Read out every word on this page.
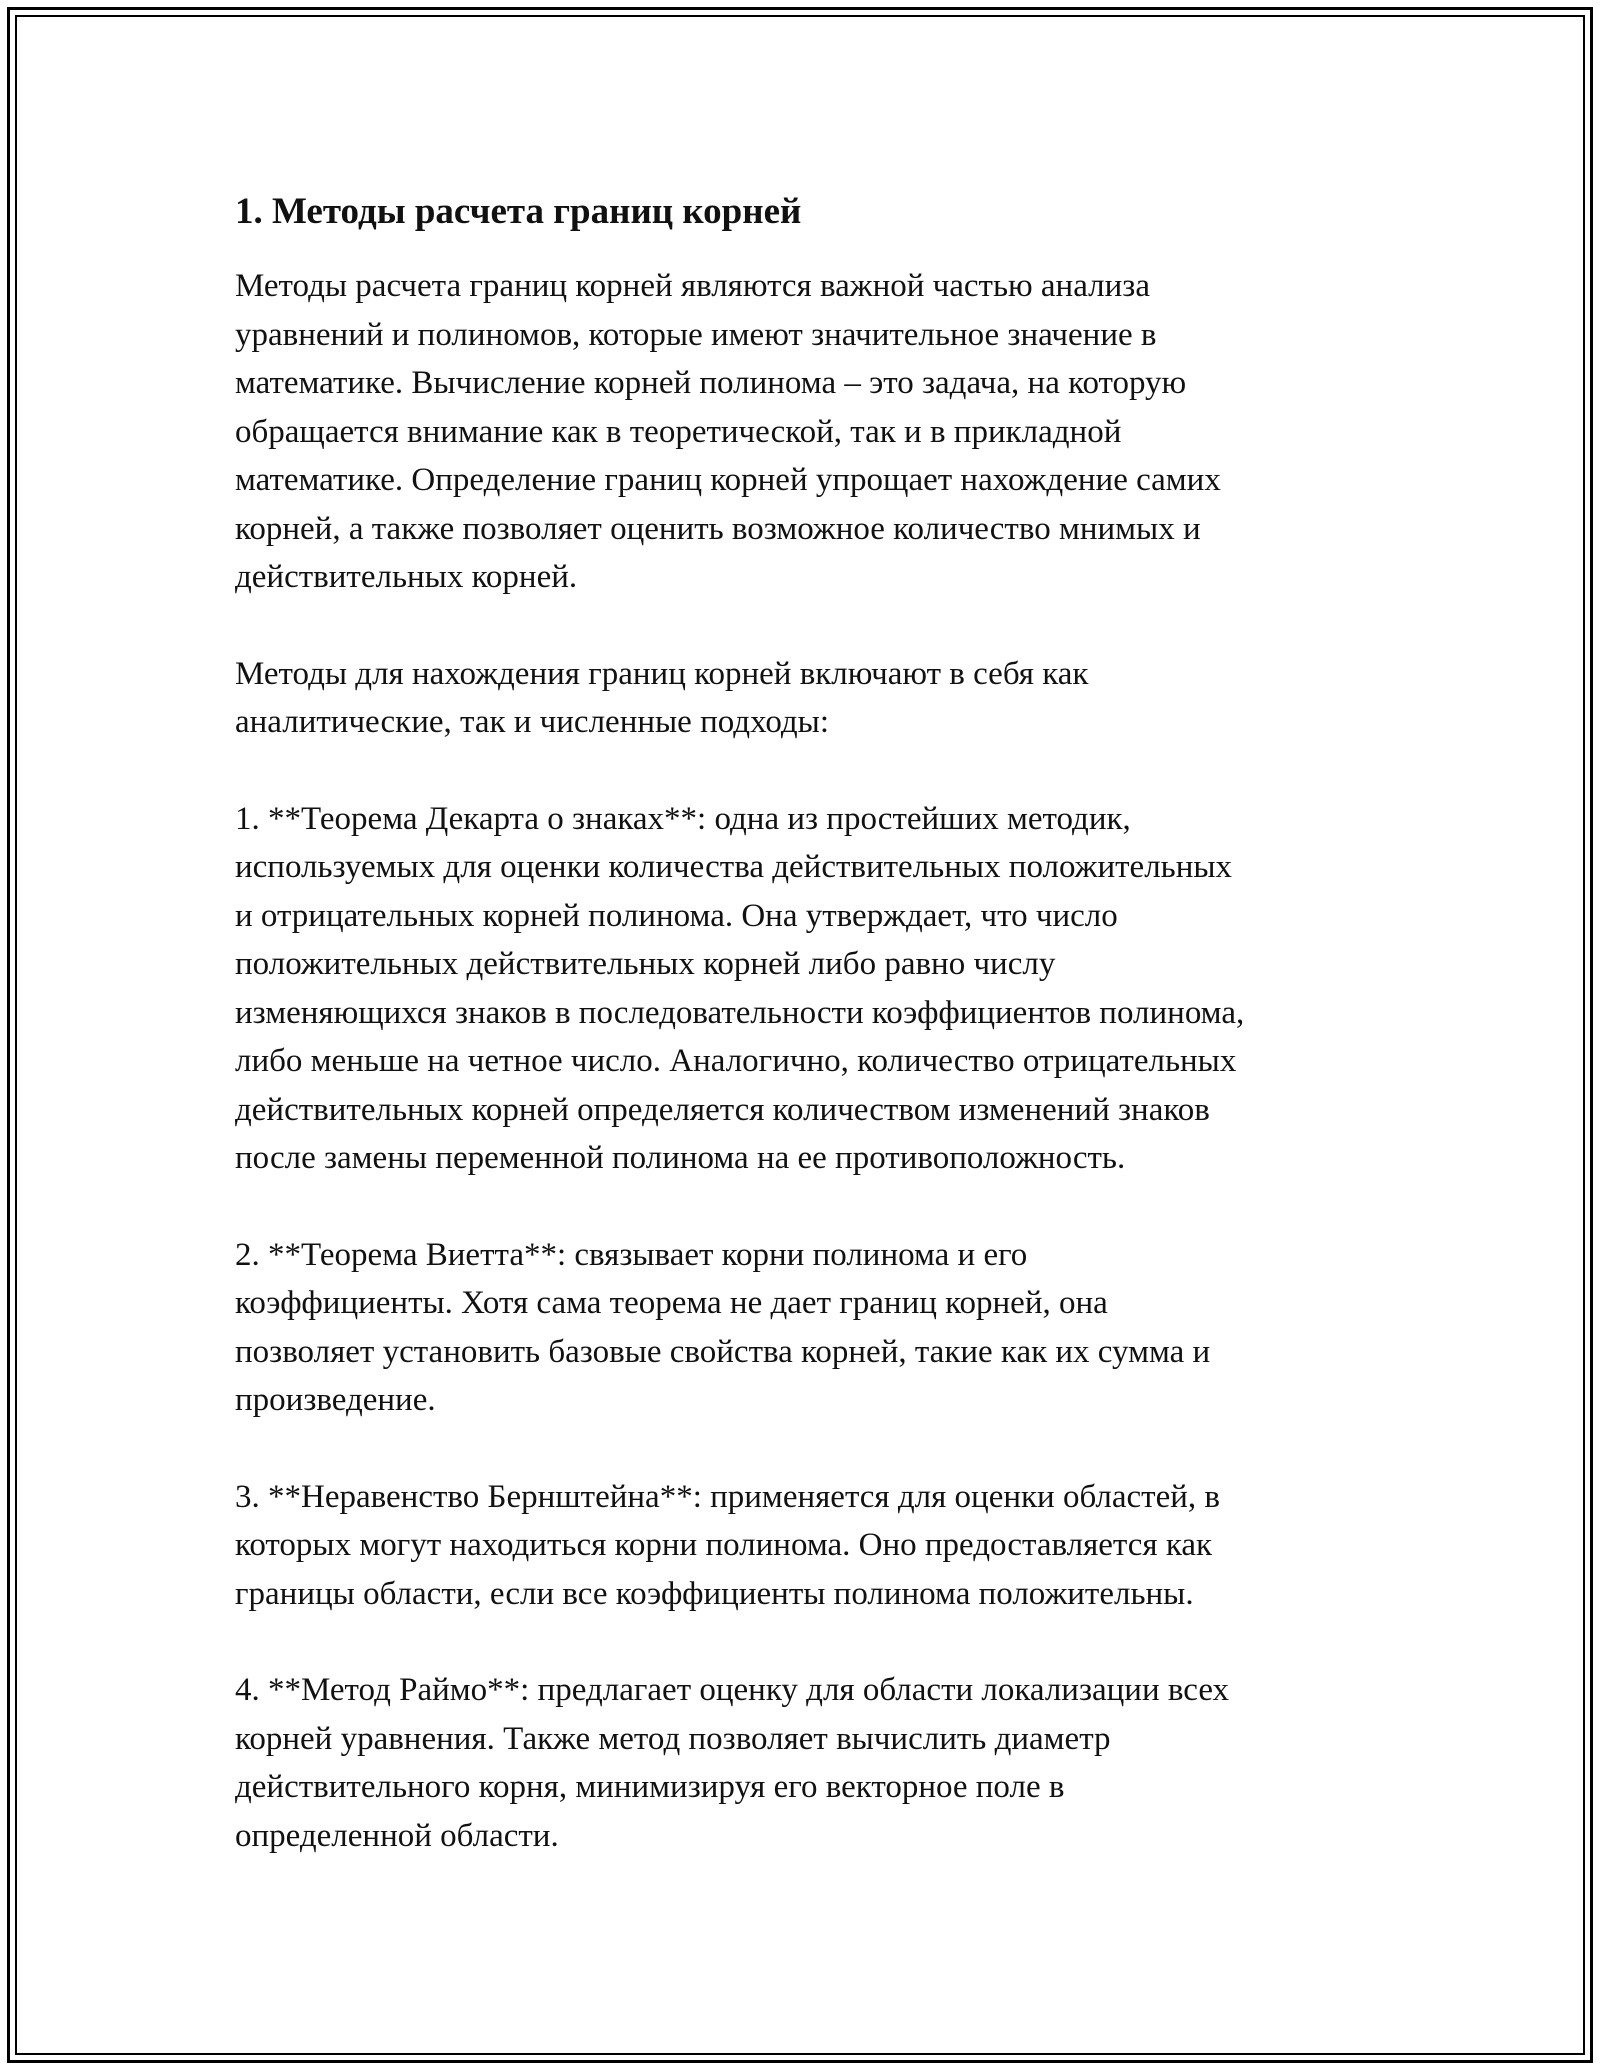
1. Методы расчета границ корней
Методы расчета границ корней являются важной частью анализа
уравнений и полиномов, которые имеют значительное значение в
математике. Вычисление корней полинома – это задача, на которую
обращается внимание как в теоретической, так и в прикладной
математике. Определение границ корней упрощает нахождение самих
корней, а также позволяет оценить возможное количество мнимых и
действительных корней.
Методы для нахождения границ корней включают в себя как
аналитические, так и численные подходы:
1. **Теорема Декарта о знаках**: одна из простейших методик,
используемых для оценки количества действительных положительных
и отрицательных корней полинома. Она утверждает, что число
положительных действительных корней либо равно числу
изменяющихся знаков в последовательности коэффициентов полинома,
либо меньше на четное число. Аналогично, количество отрицательных
действительных корней определяется количеством изменений знаков
после замены переменной полинома на ее противоположность.
2. **Теорема Виетта**: связывает корни полинома и его
коэффициенты. Хотя сама теорема не дает границ корней, она
позволяет установить базовые свойства корней, такие как их сумма и
произведение.
3. **Неравенство Бернштейна**: применяется для оценки областей, в
которых могут находиться корни полинома. Оно предоставляется как
границы области, если все коэффициенты полинома положительны.
4. **Метод Раймо**: предлагает оценку для области локализации всех
корней уравнения. Также метод позволяет вычислить диаметр
действительного корня, минимизируя его векторное поле в
определенной области.
